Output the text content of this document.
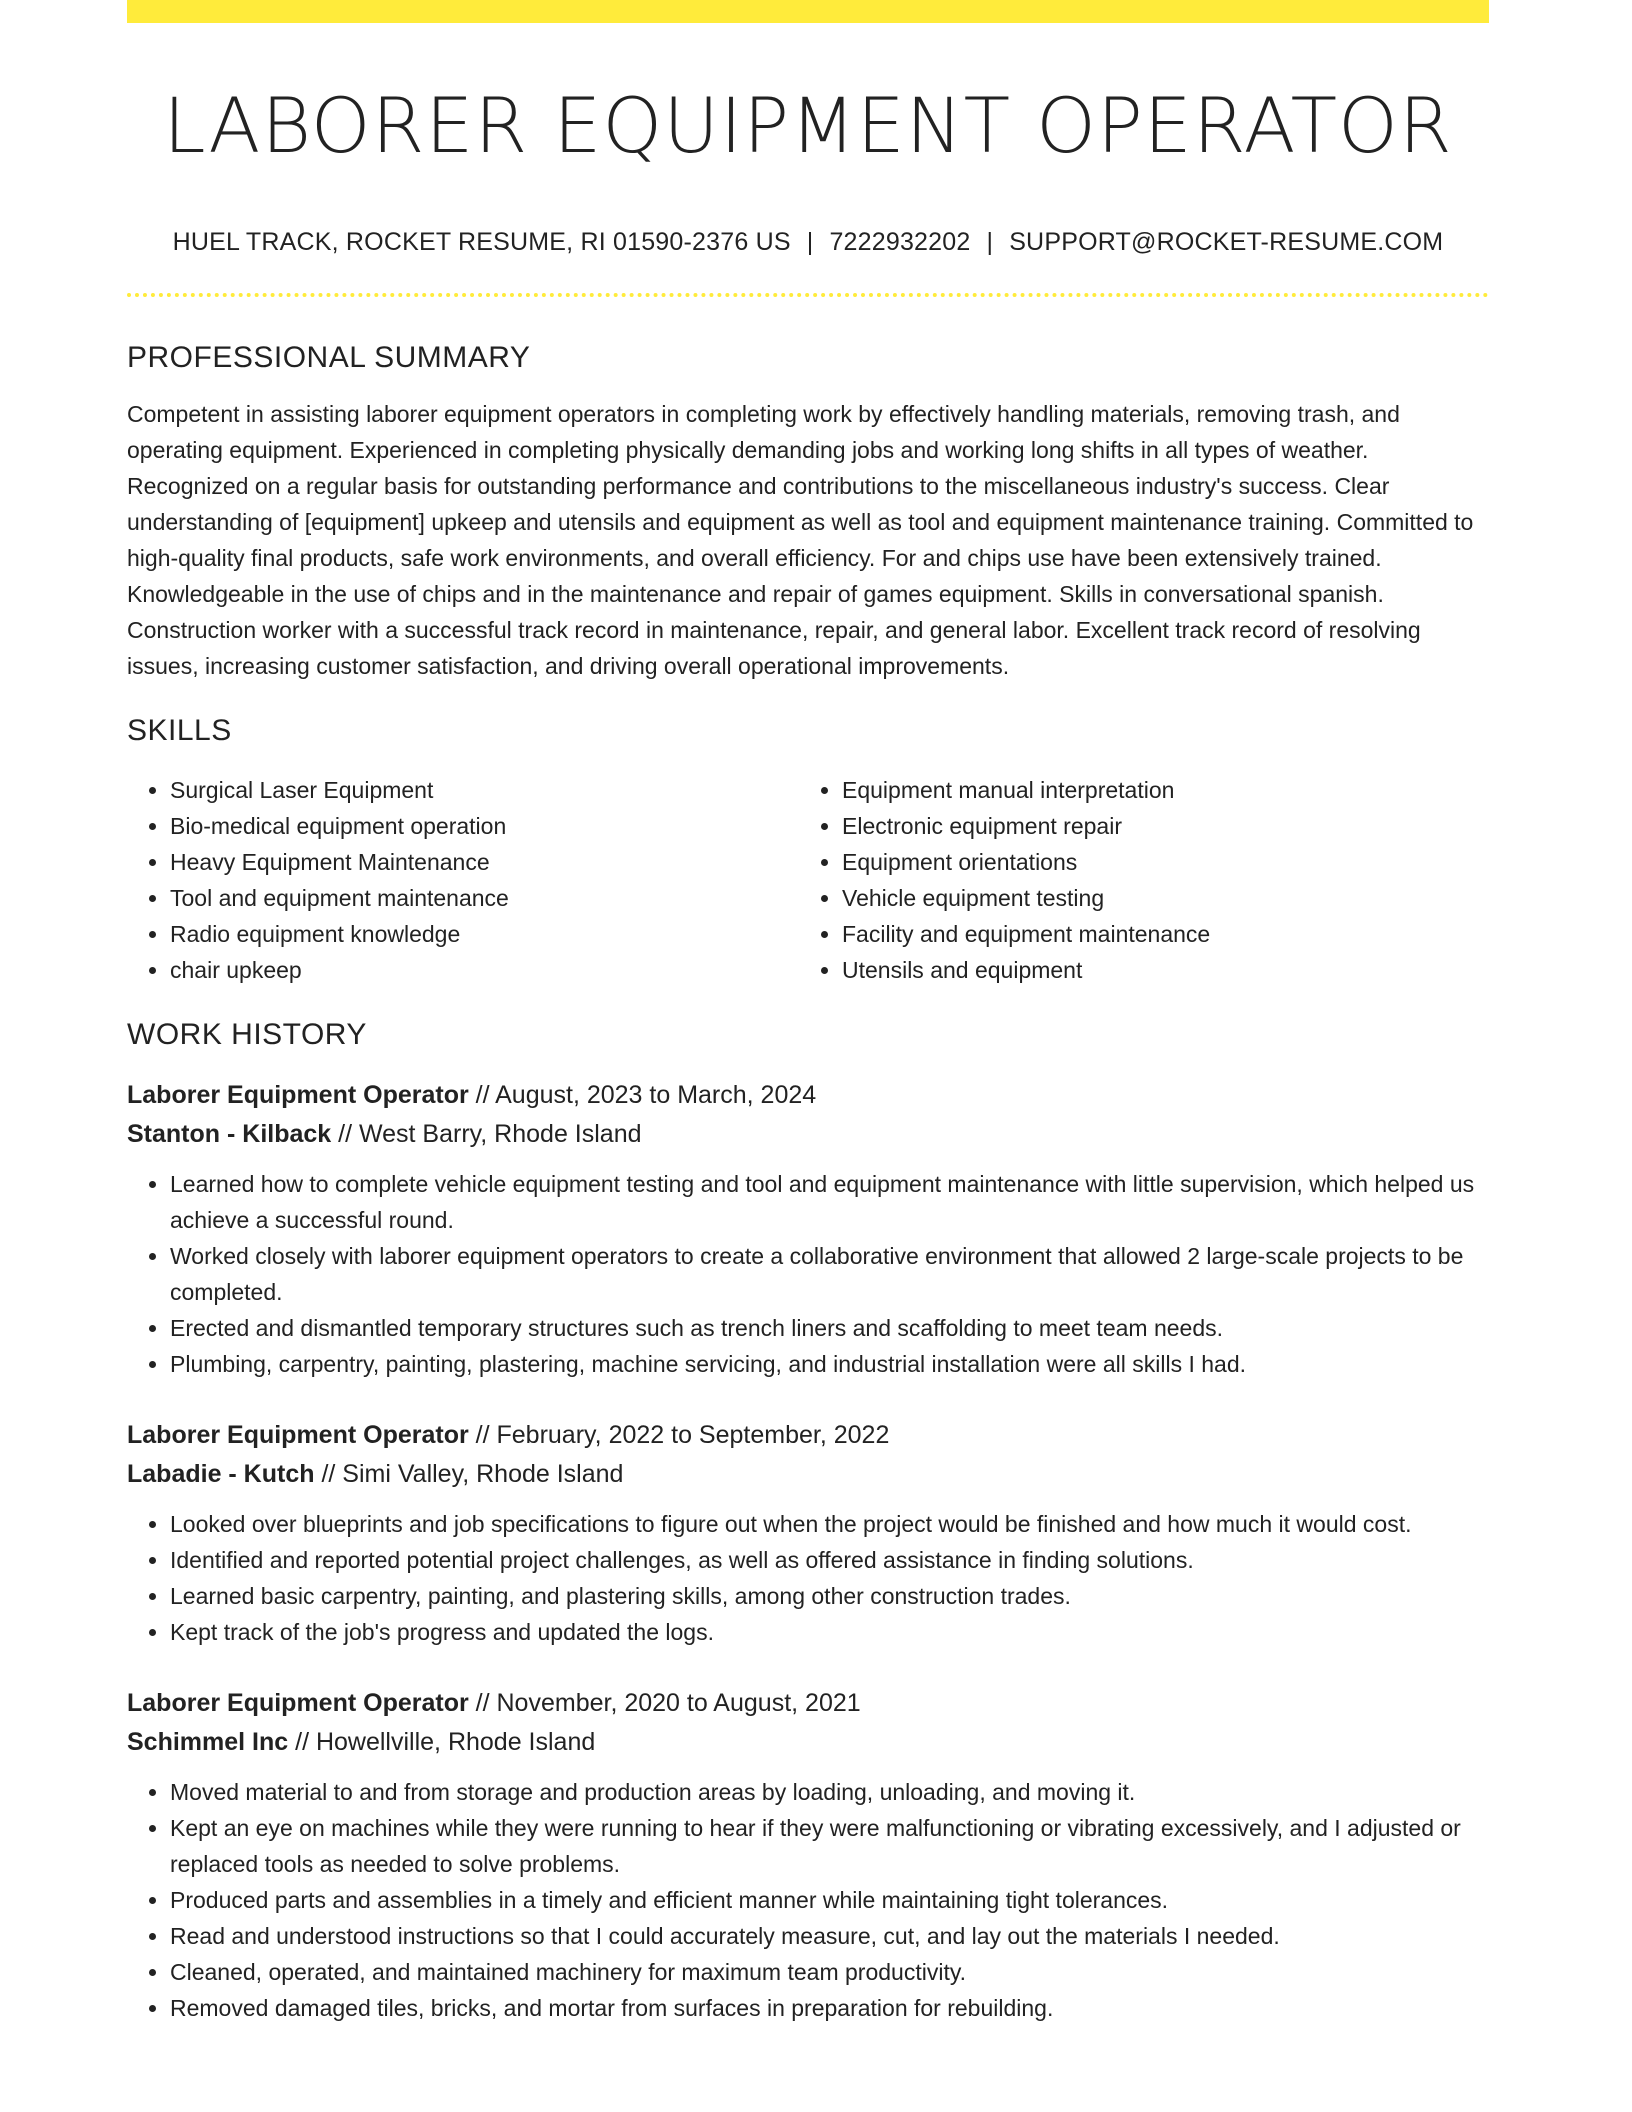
LABORER EQUIPMENT OPERATOR
HUEL TRACK, ROCKET RESUME, RI 01590-2376 US | 7222932202 | SUPPORT@ROCKET-RESUME.COM
PROFESSIONAL SUMMARY

Competent in assisting laborer equipment operators in completing work by effectively handling materials, removing trash, and operating equipment. Experienced in completing physically demanding jobs and working long shifts in all types of weather. Recognized on a regular basis for outstanding performance and contributions to the miscellaneous industry's success. Clear understanding of [equipment] upkeep and utensils and equipment as well as tool and equipment maintenance training. Committed to high-quality final products, safe work environments, and overall efficiency. For and chips use have been extensively trained. Knowledgeable in the use of chips and in the maintenance and repair of games equipment. Skills in conversational spanish. Construction worker with a successful track record in maintenance, repair, and general labor. Excellent track record of resolving issues, increasing customer satisfaction, and driving overall operational improvements.

SKILLS
• Surgical Laser Equipment
• Bio-medical equipment operation
• Heavy Equipment Maintenance
• Tool and equipment maintenance
• Radio equipment knowledge
• chair upkeep
• Equipment manual interpretation
• Electronic equipment repair
• Equipment orientations
• Vehicle equipment testing
• Facility and equipment maintenance
• Utensils and equipment
WORK HISTORY
Laborer Equipment Operator // August, 2023 to March, 2024
Stanton - Kilback // West Barry, Rhode Island
• Learned how to complete vehicle equipment testing and tool and equipment maintenance with little supervision, which helped us achieve a successful round.
• Worked closely with laborer equipment operators to create a collaborative environment that allowed 2 large-scale projects to be completed.
• Erected and dismantled temporary structures such as trench liners and scaffolding to meet team needs.
• Plumbing, carpentry, painting, plastering, machine servicing, and industrial installation were all skills I had.
Laborer Equipment Operator // February, 2022 to September, 2022
Labadie - Kutch // Simi Valley, Rhode Island
• Looked over blueprints and job specifications to figure out when the project would be finished and how much it would cost.
• Identified and reported potential project challenges, as well as offered assistance in finding solutions.
• Learned basic carpentry, painting, and plastering skills, among other construction trades.
• Kept track of the job's progress and updated the logs.
Laborer Equipment Operator // November, 2020 to August, 2021
Schimmel Inc // Howellville, Rhode Island
• Moved material to and from storage and production areas by loading, unloading, and moving it.
• Kept an eye on machines while they were running to hear if they were malfunctioning or vibrating excessively, and I adjusted or replaced tools as needed to solve problems.
• Produced parts and assemblies in a timely and efficient manner while maintaining tight tolerances.
• Read and understood instructions so that I could accurately measure, cut, and lay out the materials I needed.
• Cleaned, operated, and maintained machinery for maximum team productivity.
• Removed damaged tiles, bricks, and mortar from surfaces in preparation for rebuilding.
